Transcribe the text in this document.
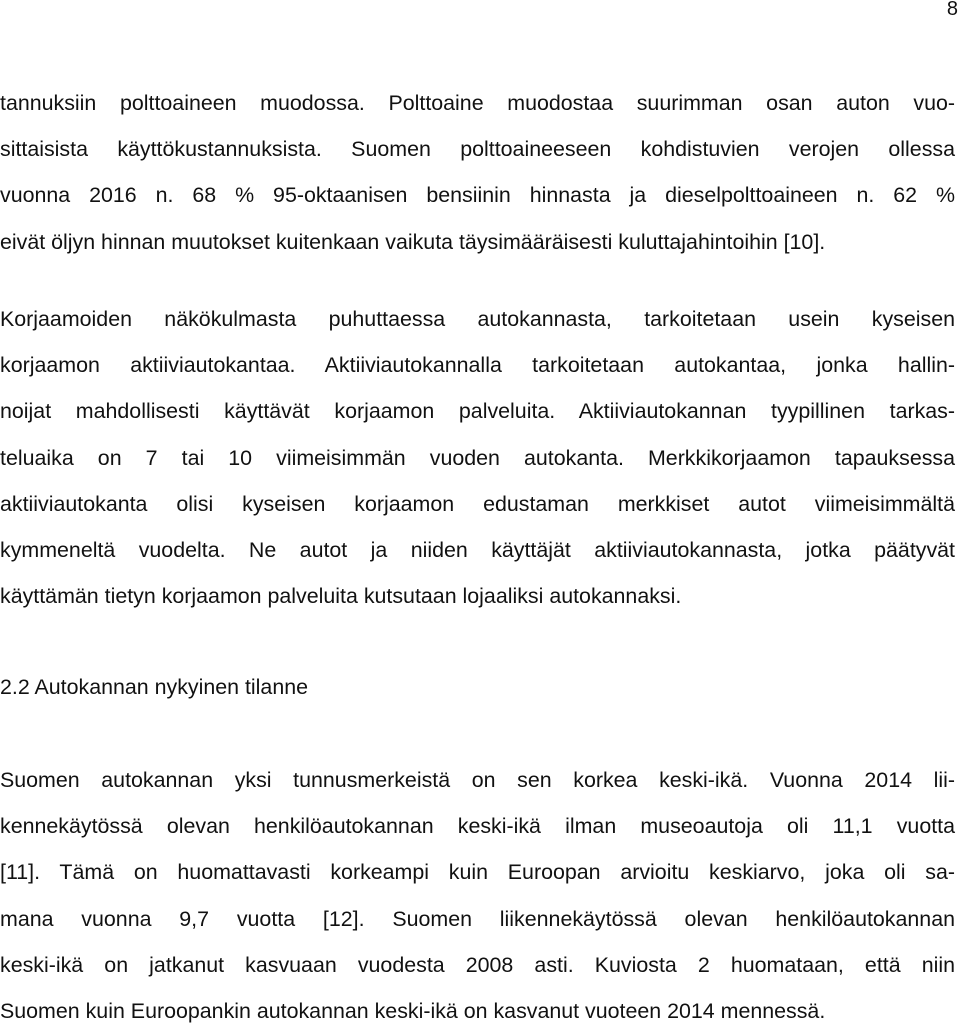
8
tannuksiin polttoaineen muodossa. Polttoaine muodostaa suurimman osan auton vuo-
sittaisista käyttökustannuksista. Suomen polttoaineeseen kohdistuvien verojen ollessa
vuonna 2016 n. 68 % 95-oktaanisen bensiinin hinnasta ja dieselpolttoaineen n. 62 %
eivät öljyn hinnan muutokset kuitenkaan vaikuta täysimääräisesti kuluttajahintoihin [10].
Korjaamoiden näkökulmasta puhuttaessa autokannasta, tarkoitetaan usein kyseisen
korjaamon aktiiviautokantaa. Aktiiviautokannalla tarkoitetaan autokantaa, jonka hallin-
noijat mahdollisesti käyttävät korjaamon palveluita. Aktiiviautokannan tyypillinen tarkas-
teluaika on 7 tai 10 viimeisimmän vuoden autokanta. Merkkikorjaamon tapauksessa
aktiiviautokanta olisi kyseisen korjaamon edustaman merkkiset autot viimeisimmältä
kymmeneltä vuodelta. Ne autot ja niiden käyttäjät aktiiviautokannasta, jotka päätyvät
käyttämän tietyn korjaamon palveluita kutsutaan lojaaliksi autokannaksi.
2.2 Autokannan nykyinen tilanne
Suomen autokannan yksi tunnusmerkeistä on sen korkea keski-ikä. Vuonna 2014 lii-
kennekäytössä olevan henkilöautokannan keski-ikä ilman museoautoja oli 11,1 vuotta
[11]. Tämä on huomattavasti korkeampi kuin Euroopan arvioitu keskiarvo, joka oli sa-
mana vuonna 9,7 vuotta [12]. Suomen liikennekäytössä olevan henkilöautokannan
keski-ikä on jatkanut kasvuaan vuodesta 2008 asti. Kuviosta 2 huomataan, että niin
Suomen kuin Euroopankin autokannan keski-ikä on kasvanut vuoteen 2014 mennessä.
